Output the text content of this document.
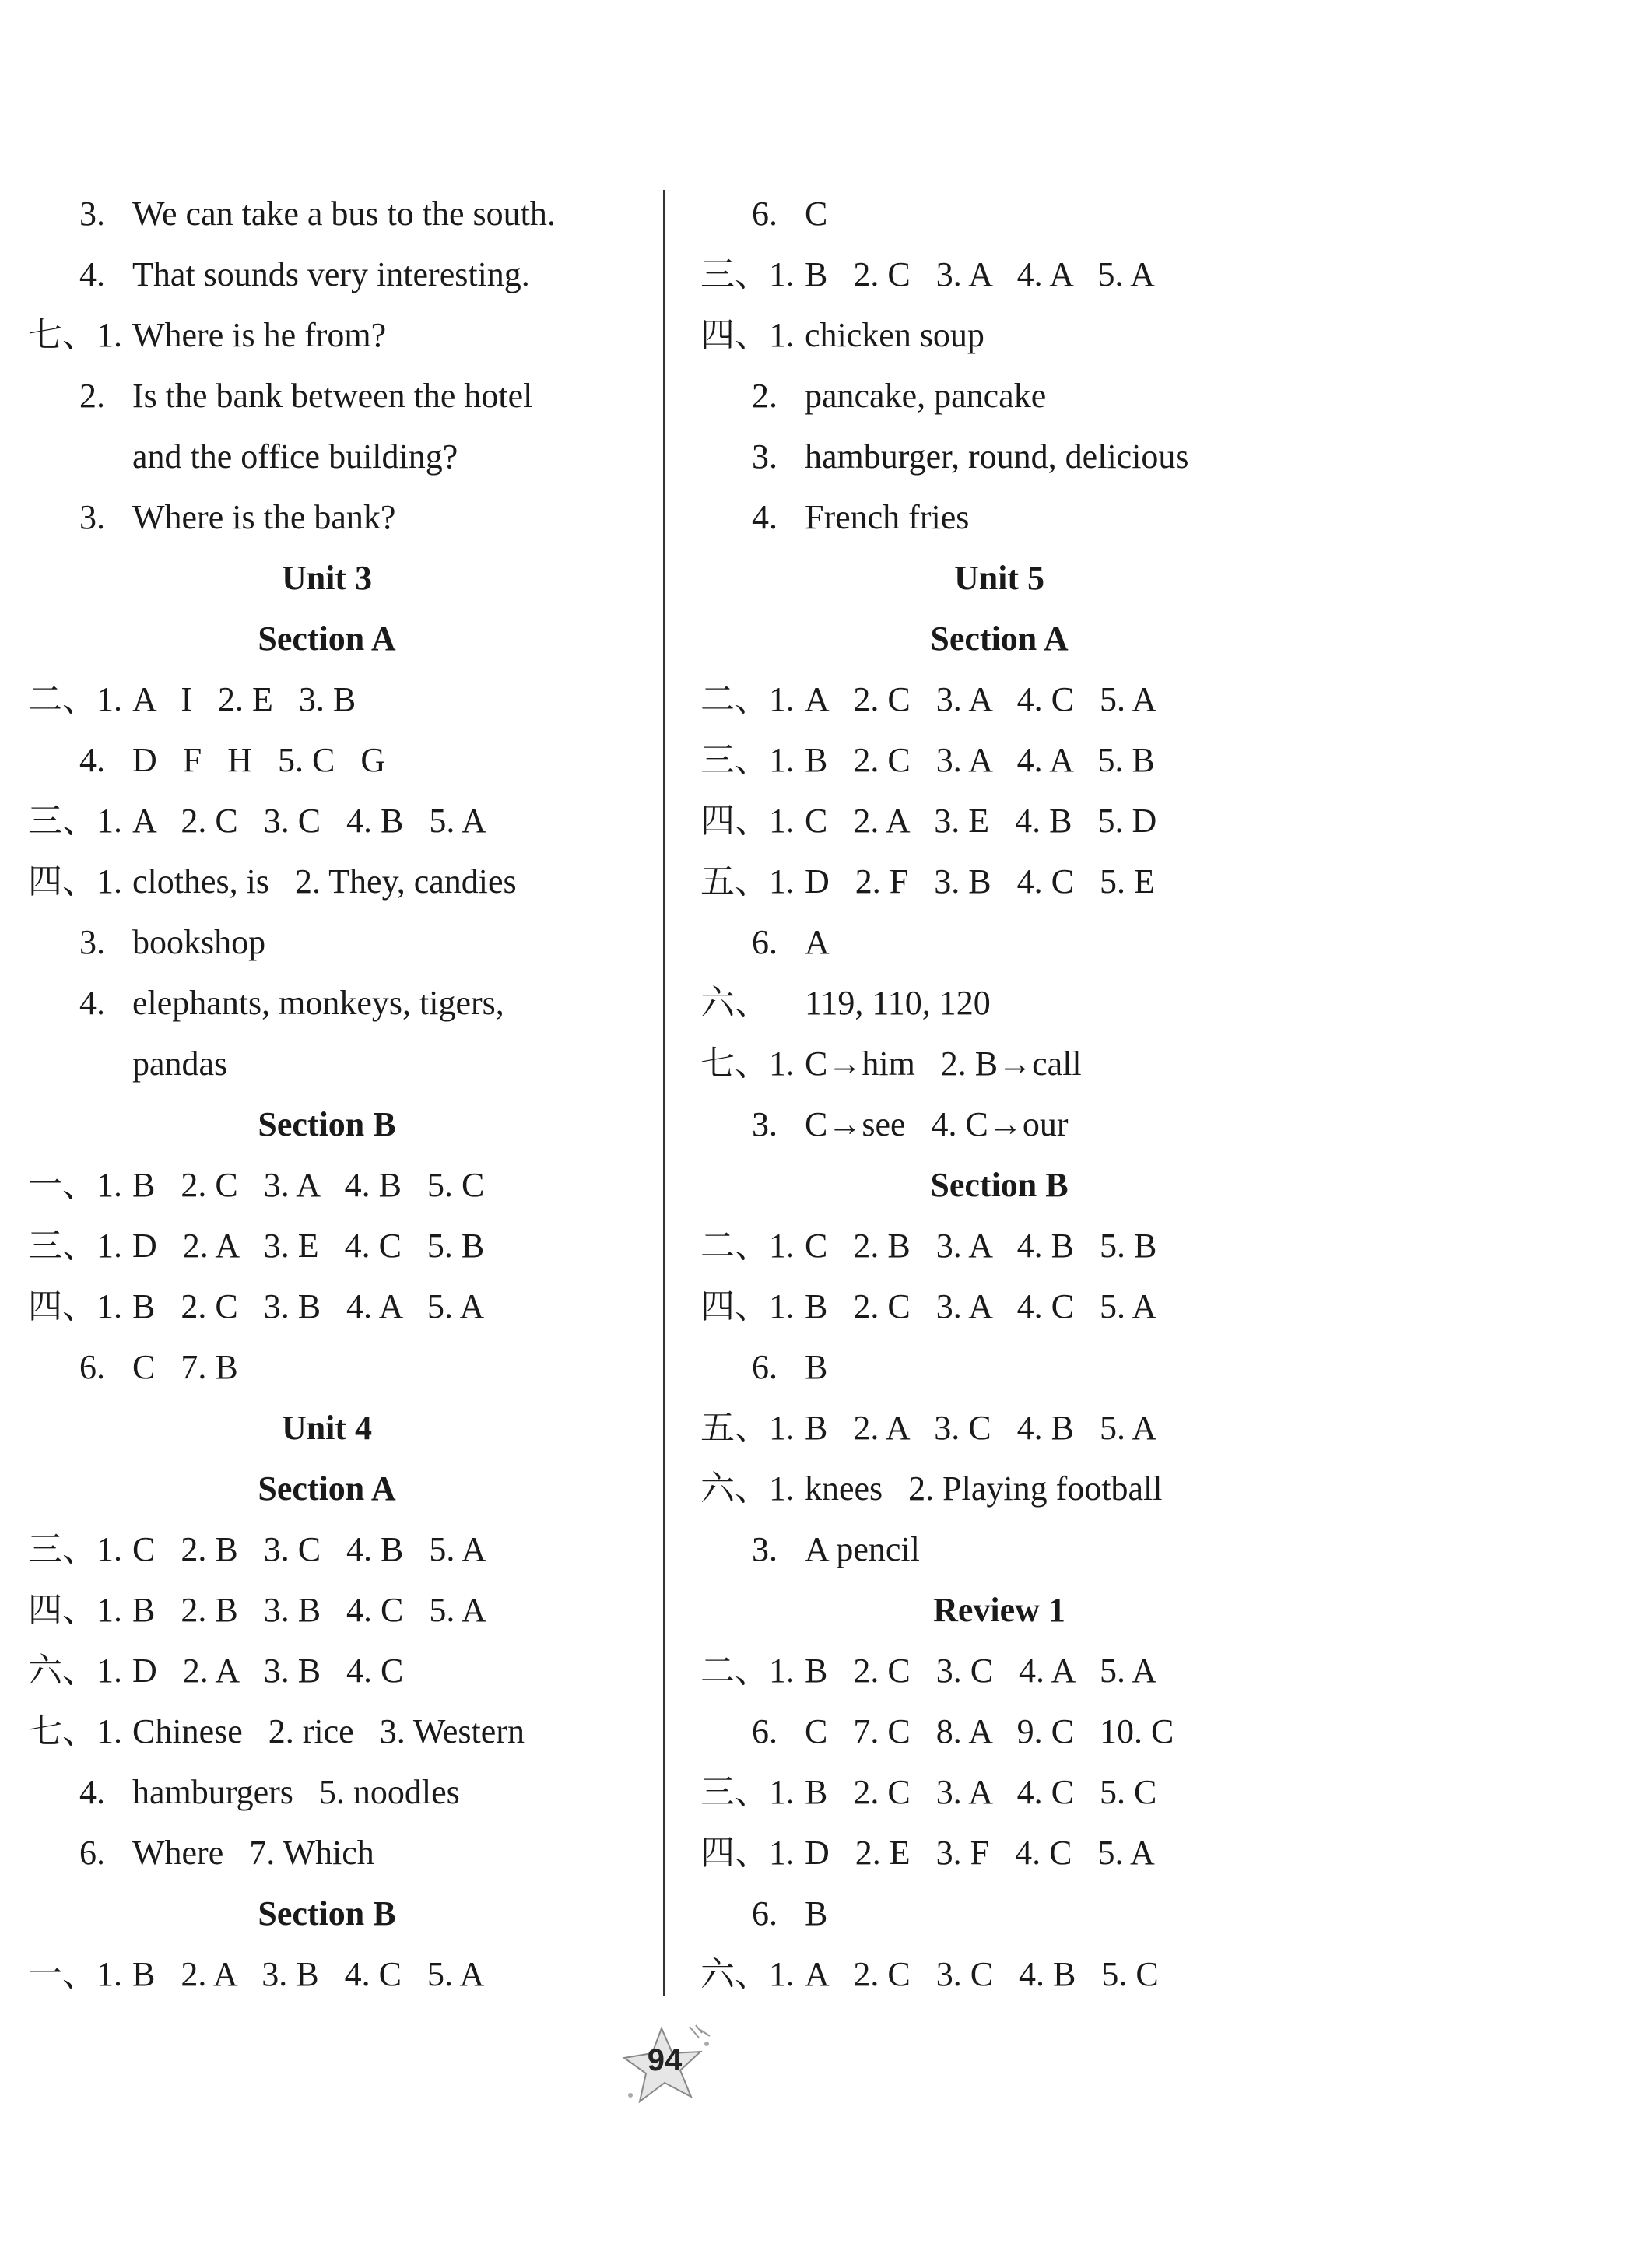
3. We can take a bus to the south.
4. That sounds very interesting.
七、1. Where is he from?
2. Is the bank between the hotel
and the office building?
3. Where is the bank?
Unit 3
Section A
二、1. A   I   2. E   3. B
4. D   F   H   5. C   G
三、1. A   2. C   3. C   4. B   5. A
四、1. clothes, is   2. They, candies
3. bookshop
4. elephants, monkeys, tigers,
pandas
Section B
一、1. B   2. C   3. A   4. B   5. C
三、1. D   2. A   3. E   4. C   5. B
四、1. B   2. C   3. B   4. A   5. A
6. C   7. B
Unit 4
Section A
三、1. C   2. B   3. C   4. B   5. A
四、1. B   2. B   3. B   4. C   5. A
六、1. D   2. A   3. B   4. C
七、1. Chinese   2. rice   3. Western
4. hamburgers   5. noodles
6. Where   7. Which
Section B
一、1. B   2. A   3. B   4. C   5. A
6. C
三、1. B   2. C   3. A   4. A   5. A
四、1. chicken soup
2. pancake, pancake
3. hamburger, round, delicious
4. French fries
Unit 5
Section A
二、1. A   2. C   3. A   4. C   5. A
三、1. B   2. C   3. A   4. A   5. B
四、1. C   2. A   3. E   4. B   5. D
五、1. D   2. F   3. B   4. C   5. E
6. A
六、 119, 110, 120
七、1. C→him   2. B→call
3. C→see   4. C→our
Section B
二、1. C   2. B   3. A   4. B   5. B
四、1. B   2. C   3. A   4. C   5. A
6. B
五、1. B   2. A   3. C   4. B   5. A
六、1. knees   2. Playing football
3. A pencil
Review 1
二、1. B   2. C   3. C   4. A   5. A
6. C   7. C   8. A   9. C   10. C
三、1. B   2. C   3. A   4. C   5. C
四、1. D   2. E   3. F   4. C   5. A
6. B
六、1. A   2. C   3. C   4. B   5. C
94
